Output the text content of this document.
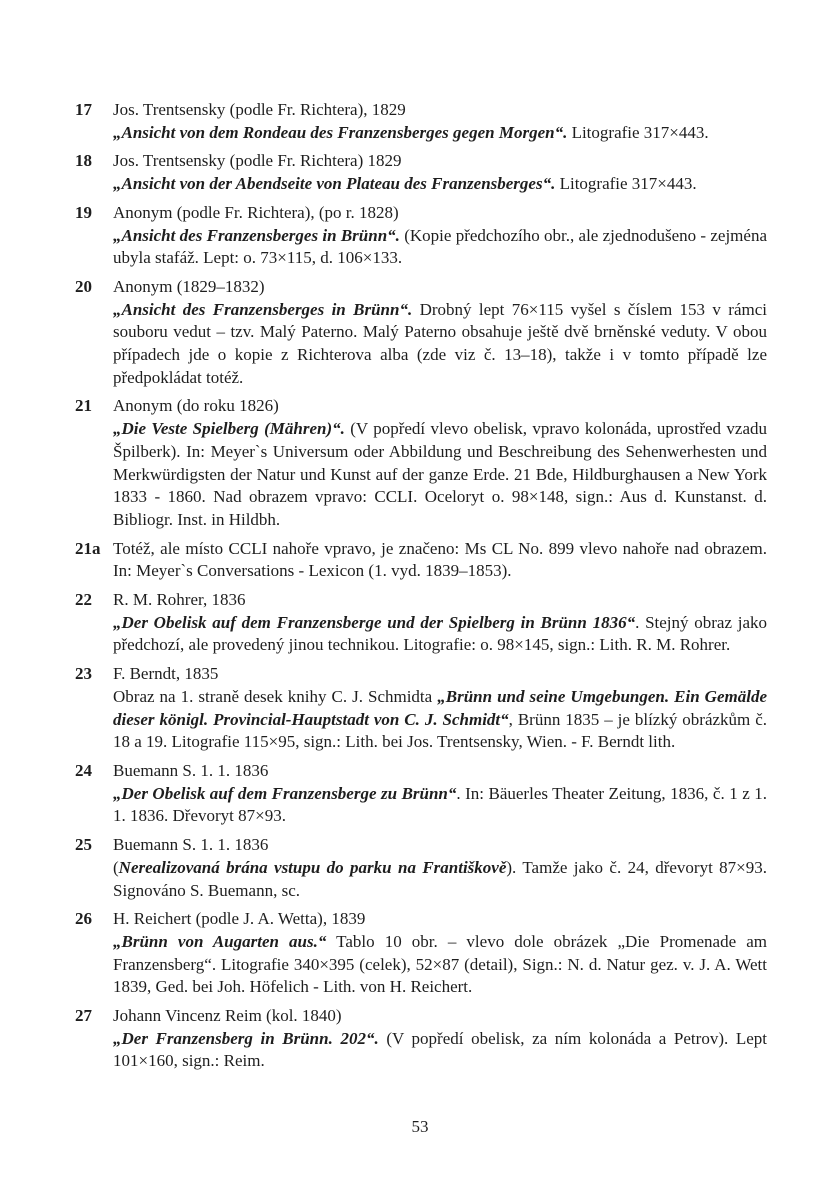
17	Jos. Trentsensky (podle Fr. Richtera), 1829

„Ansicht von dem Rondeau des Franzensberges gegen Morgen“. Litografie 317×443.

18	Jos. Trentsensky (podle Fr. Richtera) 1829

„Ansicht von der Abendseite von Plateau des Franzensberges“. Litografie 317×443.

19	Anonym (podle Fr. Richtera), (po r. 1828)

„Ansicht des Franzensberges in Brünn“. (Kopie předchozího obr., ale zjednodušeno - zejména ubyla stafáž. Lept: o. 73×115, d. 106×133.

20	Anonym (1829–1832)

„Ansicht des Franzensberges in Brünn“. Drobný lept 76×115 vyšel s číslem 153 v rámci souboru vedut – tzv. Malý Paterno. Malý Paterno obsahuje ještě dvě brněnské veduty. V obou případech jde o kopie z Richterova alba (zde viz č. 13–18), takže i v tomto případě lze předpokládat totéž.

21	Anonym (do roku 1826)

„Die Veste Spielberg (Mähren)“. (V popředí vlevo obelisk, vpravo kolonáda, uprostřed vzadu Špilberk). In: Meyer`s Universum oder Abbildung und Beschreibung des Sehenwerhesten und Merkwürdigsten der Natur und Kunst auf der ganze Erde. 21 Bde, Hildburghausen a New York 1833 - 1860. Nad obrazem vpravo: CCLI. Oceloryt o. 98×148, sign.: Aus d. Kunstanst. d. Bibliogr. Inst. in Hildbh.

21a Totéž, ale místo CCLI nahoře vpravo, je značeno: Ms CL No. 899 vlevo nahoře nad obrazem. In: Meyer`s Conversations - Lexicon (1. vyd. 1839–1853).

22	R. M. Rohrer, 1836

„Der Obelisk auf dem Franzensberge und der Spielberg in Brünn 1836“. Stejný obraz jako předchozí, ale provedený jinou technikou. Litografie: o. 98×145, sign.: Lith. R. M. Rohrer.

23	F. Berndt, 1835

Obraz na 1. straně desek knihy C. J. Schmidta „Brünn und seine Umgebungen. Ein Gemälde dieser königl. Provincial-Hauptstadt von C. J. Schmidt“, Brünn 1835 – je blízký obrázkům č. 18 a 19. Litografie 115×95, sign.: Lith. bei Jos. Trentsensky, Wien. - F. Berndt lith.

24	Buemann S. 1. 1. 1836

„Der Obelisk auf dem Franzensberge zu Brünn“. In: Bäuerles Theater Zeitung, 1836, č. 1 z 1. 1. 1836. Dřevoryt 87×93.

25	Buemann S. 1. 1. 1836

(Nerealizovaná brána vstupu do parku na Františkově). Tamže jako č. 24, dřevoryt 87×93. Signováno S. Buemann, sc.

26	H. Reichert (podle J. A. Wetta), 1839

„Brünn von Augarten aus.“ Tablo 10 obr. – vlevo dole obrázek „Die Promenade am Franzensberg“. Litografie 340×395 (celek), 52×87 (detail), Sign.: N. d. Natur gez. v. J. A. Wett 1839, Ged. bei Joh. Höfelich - Lith. von H. Reichert.

27	Johann Vincenz Reim (kol. 1840)

„Der Franzensberg in Brünn. 202“. (V popředí obelisk, za ním kolonáda a Petrov). Lept 101×160, sign.: Reim.

53
